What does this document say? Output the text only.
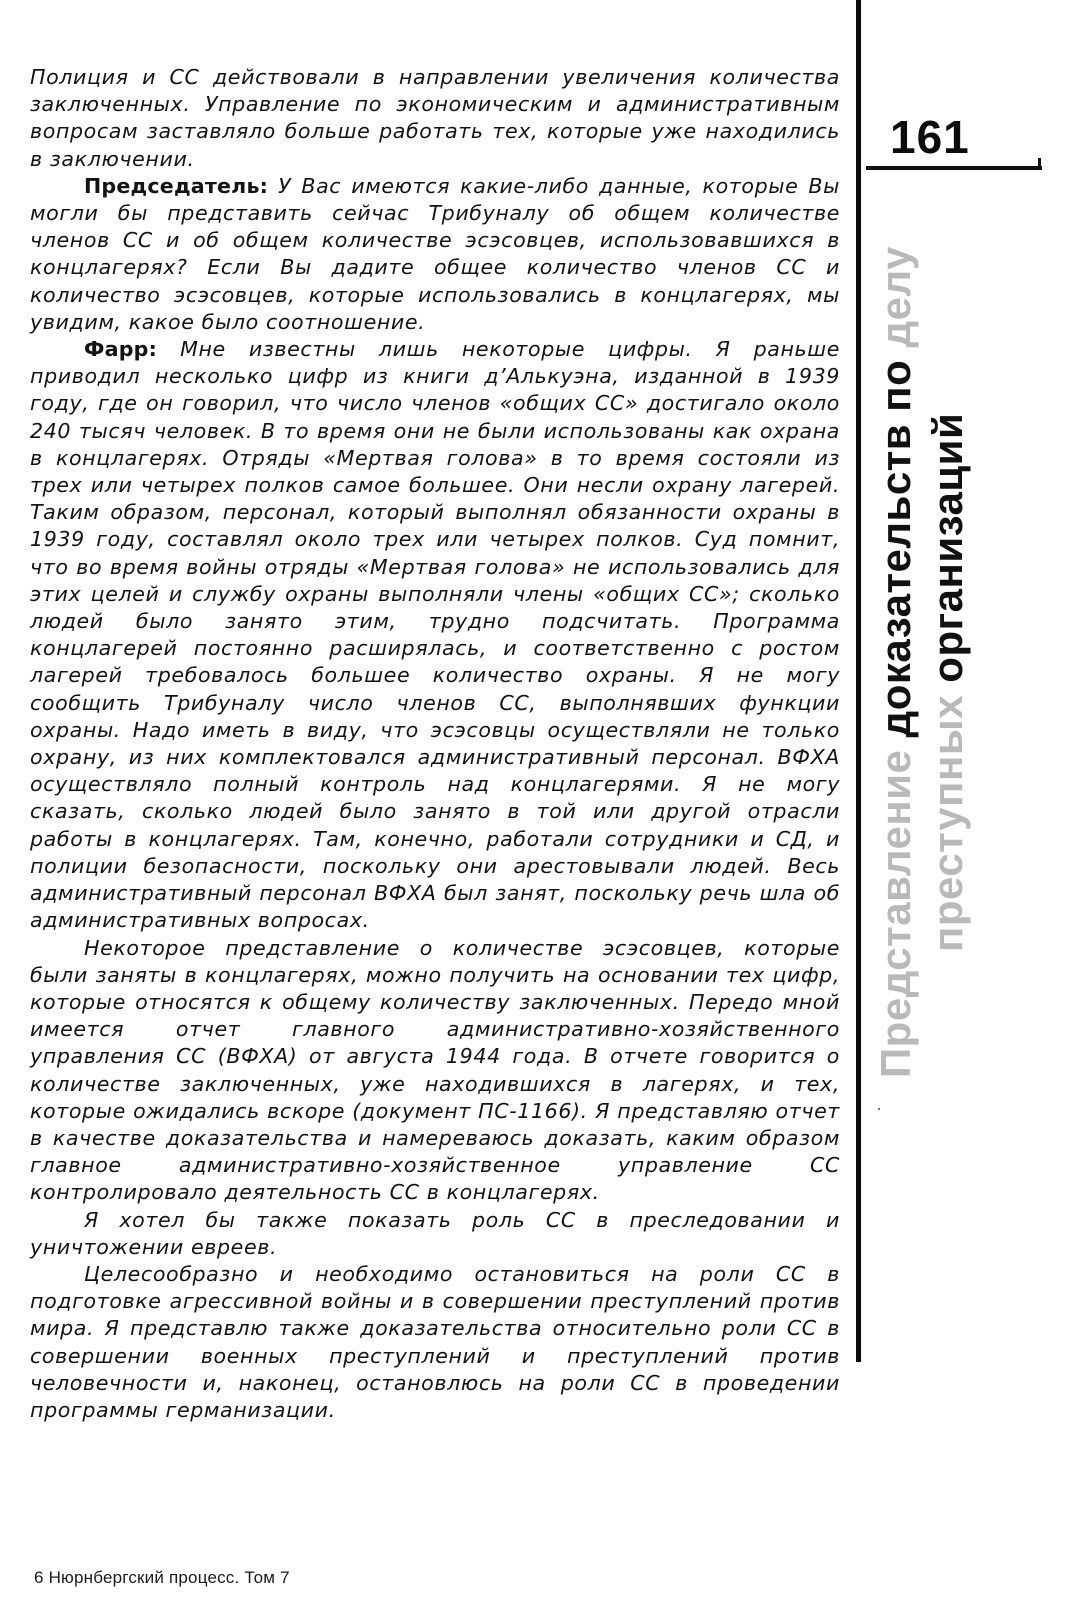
Полиция и СС действовали в направлении увеличения количества заключенных. Управление по экономическим и административным вопросам заставляло больше работать тех, которые уже находились в заключении.

Председатель: У Вас имеются какие-либо данные, которые Вы могли бы представить сейчас Трибуналу об общем количестве членов СС и об общем количестве эсэсовцев, использовавшихся в концлагерях? Если Вы дадите общее количество членов СС и количество эсэсовцев, которые использовались в концлагерях, мы увидим, какое было соотношение.

Фарр: Мне известны лишь некоторые цифры. Я раньше приводил несколько цифр из книги д’Алькуэна, изданной в 1939 году, где он говорил, что число членов «общих СС» достигало около 240 тысяч человек. В то время они не были использованы как охрана в концлагерях. Отряды «Мертвая голова» в то время состояли из трех или четырех полков самое большее. Они несли охрану лагерей. Таким образом, персонал, который выполнял обязанности охраны в 1939 году, составлял около трех или четырех полков. Суд помнит, что во время войны отряды «Мертвая голова» не использовались для этих целей и службу охраны выполняли члены «общих СС»; сколько людей было занято этим, трудно подсчитать. Программа концлагерей постоянно расширялась, и соответственно с ростом лагерей требовалось большее количество охраны. Я не могу сообщить Трибуналу число членов СС, выполнявших функции охраны. Надо иметь в виду, что эсэсовцы осуществляли не только охрану, из них комплектовался административный персонал. ВФХА осуществляло полный контроль над концлагерями. Я не могу сказать, сколько людей было занято в той или другой отрасли работы в концлагерях. Там, конечно, работали сотрудники и СД, и полиции безопасности, поскольку они арестовывали людей. Весь административный персонал ВФХА был занят, поскольку речь шла об административных вопросах.

Некоторое представление о количестве эсэсовцев, которые были заняты в концлагерях, можно получить на основании тех цифр, которые относятся к общему количеству заключенных. Передо мной имеется отчет главного административно-хозяйственного управления СС (ВФХА) от августа 1944 года. В отчете говорится о количестве заключенных, уже находившихся в лагерях, и тех, которые ожидались вскоре (документ ПС-1166). Я представляю отчет в качестве доказательства и намереваюсь доказать, каким образом главное административно-хозяйственное управление СС контролировало деятельность СС в концлагерях.

Я хотел бы также показать роль СС в преследовании и уничтожении евреев.

Целесообразно и необходимо остановиться на роли СС в подготовке агрессивной войны и в совершении преступлений против мира. Я представлю также доказательства относительно роли СС в совершении военных преступлений и преступлений против человечности и, наконец, остановлюсь на роли СС в проведении программы германизации.

161
Представление доказательств по делу
преступных организаций
6 Нюрнбергский процесс. Том 7
